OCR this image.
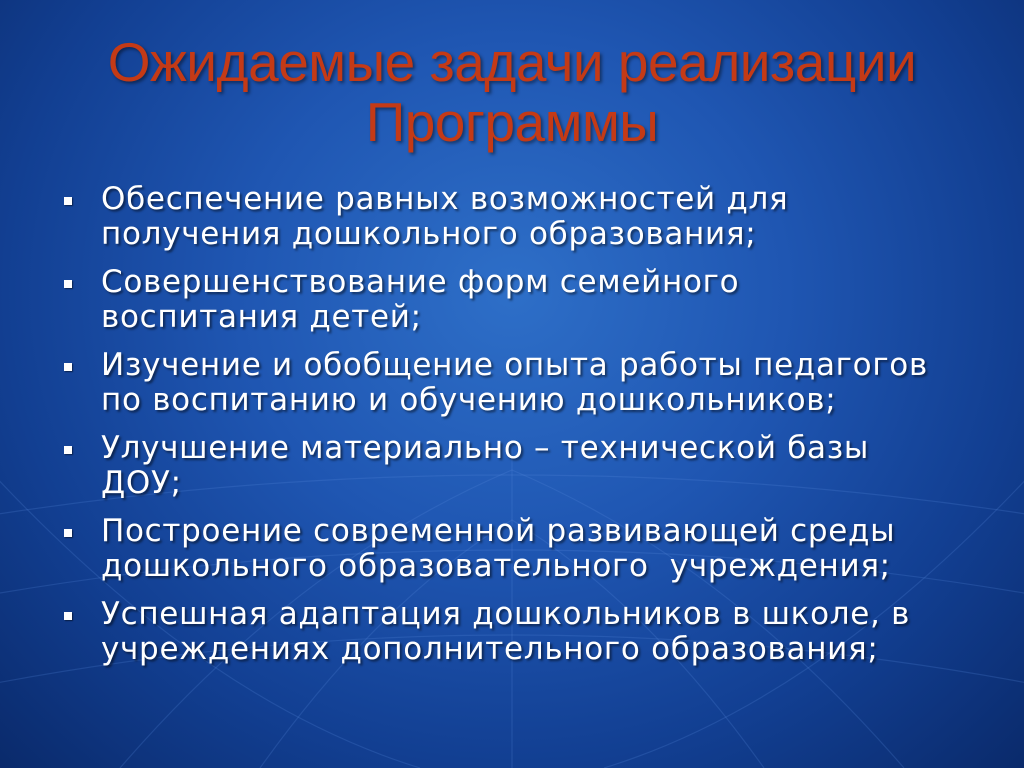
Ожидаемые задачи реализации
Программы
Обеспечение равных возможностей для
получения дошкольного образования;
Совершенствование форм семейного
воспитания детей;
Изучение и обобщение опыта работы педагогов
по воспитанию и обучению дошкольников;
Улучшение материально – технической базы
ДОУ;
Построение современной развивающей среды
дошкольного образовательного  учреждения;
Успешная адаптация дошкольников в школе, в
учреждениях дополнительного образования;
